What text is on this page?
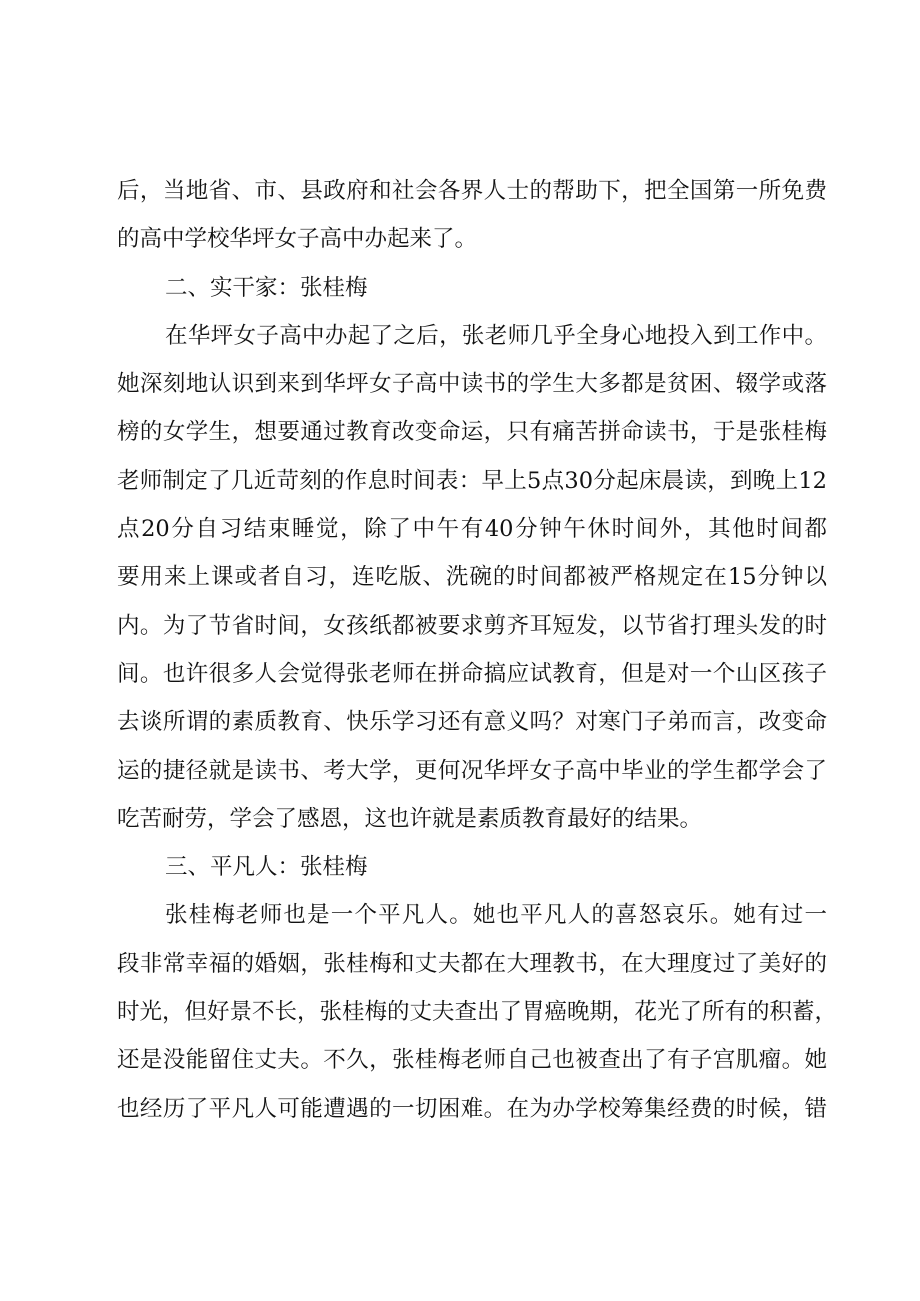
后，当地省、市、县政府和社会各界人士的帮助下，把全国第一所免费
的高中学校华坪女子高中办起来了。
二、实干家：张桂梅
在华坪女子高中办起了之后，张老师几乎全身心地投入到工作中。
她深刻地认识到来到华坪女子高中读书的学生大多都是贫困、辍学或落
榜的女学生，想要通过教育改变命运，只有痛苦拼命读书，于是张桂梅
老师制定了几近苛刻的作息时间表：早上5点30分起床晨读，到晚上12
点20分自习结束睡觉，除了中午有40分钟午休时间外，其他时间都
要用来上课或者自习，连吃版、洗碗的时间都被严格规定在15分钟以
内。为了节省时间，女孩纸都被要求剪齐耳短发，以节省打理头发的时
间。也许很多人会觉得张老师在拼命搞应试教育，但是对一个山区孩子
去谈所谓的素质教育、快乐学习还有意义吗？对寒门子弟而言，改变命
运的捷径就是读书、考大学，更何况华坪女子高中毕业的学生都学会了
吃苦耐劳，学会了感恩，这也许就是素质教育最好的结果。
三、平凡人：张桂梅
张桂梅老师也是一个平凡人。她也平凡人的喜怒哀乐。她有过一
段非常幸福的婚姻，张桂梅和丈夫都在大理教书，在大理度过了美好的
时光，但好景不长，张桂梅的丈夫查出了胃癌晚期，花光了所有的积蓄，
还是没能留住丈夫。不久，张桂梅老师自己也被查出了有子宫肌瘤。她
也经历了平凡人可能遭遇的一切困难。在为办学校筹集经费的时候，错
